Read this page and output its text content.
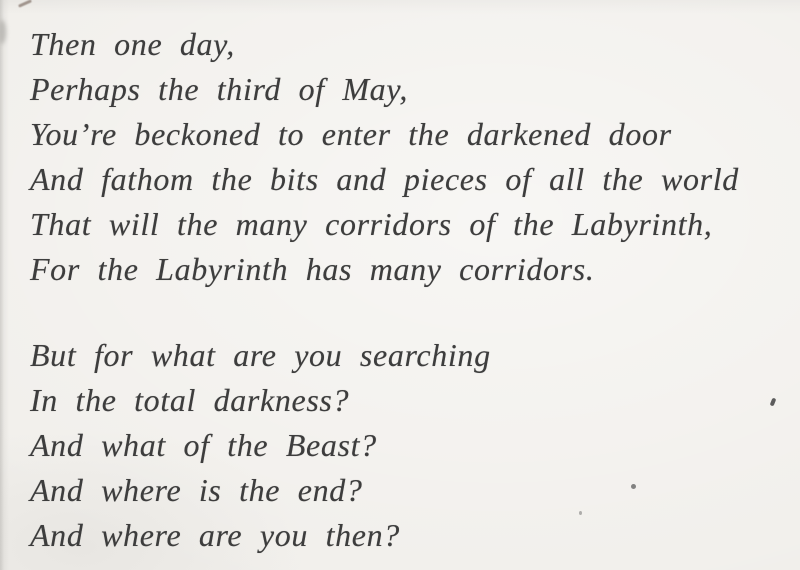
Then one day,
Perhaps the third of May,
You’re beckoned to enter the darkened door
And fathom the bits and pieces of all the world
That will the many corridors of the Labyrinth,
For the Labyrinth has many corridors.
But for what are you searching
In the total darkness?
And what of the Beast?
And where is the end?
And where are you then?
